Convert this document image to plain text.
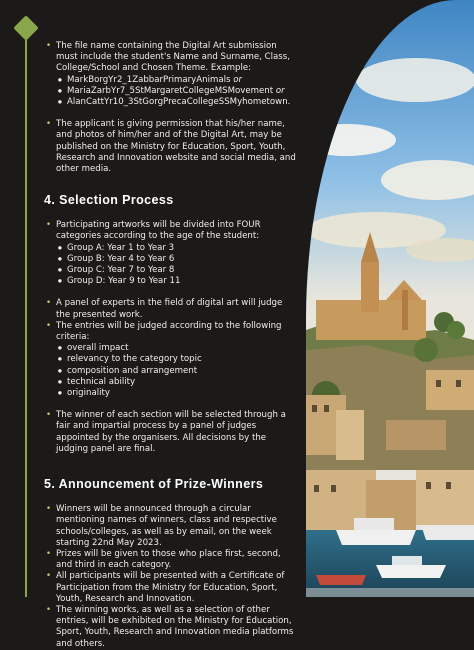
• The file name containing the Digital Art submission must include the student's Name and Surname, Class, College/School and Chosen Theme. Example:

● MarkBorgYr2_1ZabbarPrimaryAnimals or
● MariaZarbYr7_5StMargaretCollegeMSMovement or
● AlanCattYr10_3StGorgPrecaCollegeSSMyhometown.

• The applicant is giving permission that his/her name, and photos of him/her and of the Digital Art, may be published on the Ministry for Education, Sport, Youth, Research and Innovation website and social media, and other media.

4. Selection Process

• Participating artworks will be divided into FOUR categories according to the age of the student:

● Group A: Year 1 to Year 3
● Group B: Year 4 to Year 6
● Group C: Year 7 to Year 8
● Group D: Year 9 to Year 11

• A panel of experts in the field of digital art will judge the presented work.

• The entries will be judged according to the following criteria:

● overall impact
● relevancy to the category topic
● composition and arrangement
● technical ability
● originality

• The winner of each section will be selected through a fair and impartial process by a panel of judges appointed by the organisers. All decisions by the judging panel are final.

5. Announcement of Prize-Winners

• Winners will be announced through a circular mentioning names of winners, class and respective schools/colleges, as well as by email, on the week starting 22nd May 2023.

• Prizes will be given to those who place first, second, and third in each category.

• All participants will be presented with a Certificate of Participation from the Ministry for Education, Sport, Youth, Research and Innovation.

• The winning works, as well as a selection of other entries, will be exhibited on the Ministry for Education, Sport, Youth, Research and Innovation media platforms and others.
